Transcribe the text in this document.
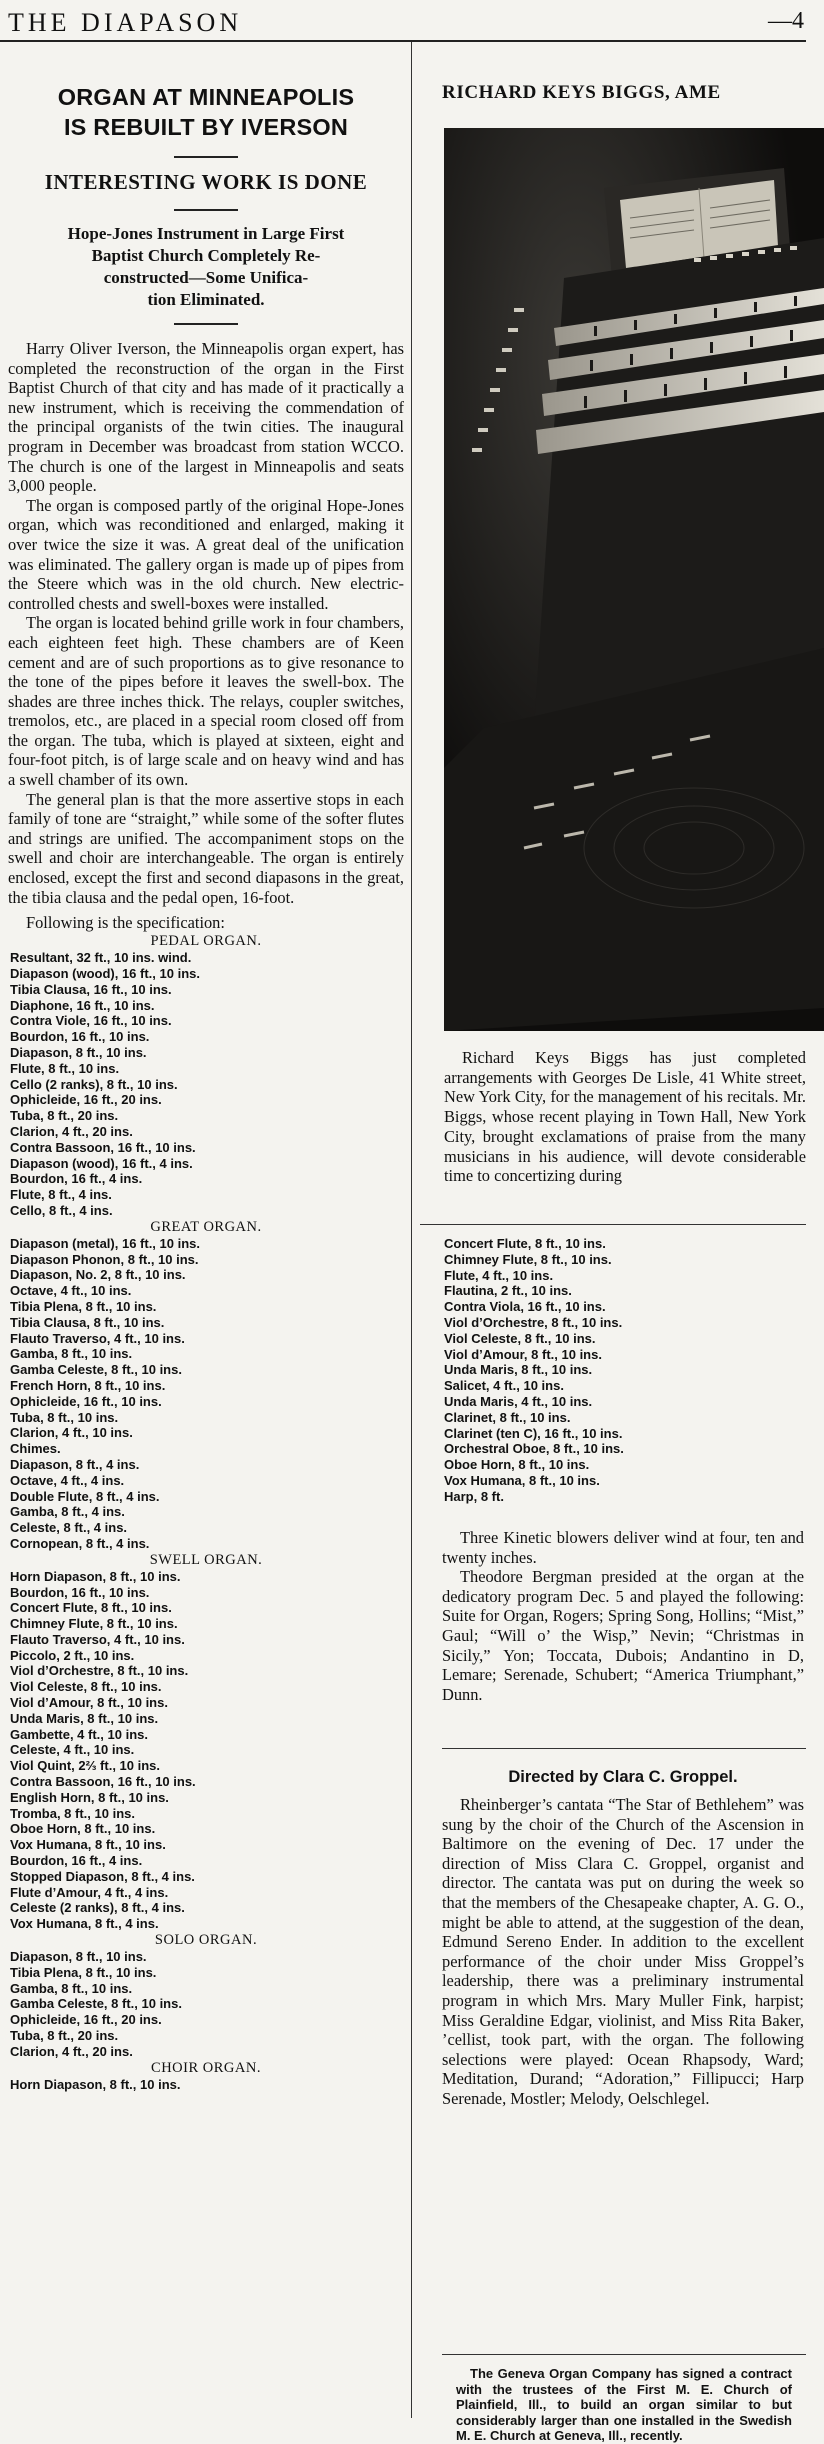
THE DIAPASON	—4
ORGAN AT MINNEAPOLIS
IS REBUILT BY IVERSON
INTERESTING WORK IS DONE
Hope-Jones Instrument in Large First
Baptist Church Completely Re-
constructed—Some Unifica-
tion Eliminated.

Harry Oliver Iverson, the Minneapolis organ expert, has completed the reconstruction of the organ in the First Baptist Church of that city and has made of it practically a new instrument, which is receiving the commendation of the principal organists of the twin cities. The inaugural program in December was broadcast from station WCCO. The church is one of the largest in Minneapolis and seats 3,000 people.

The organ is composed partly of the original Hope-Jones organ, which was reconditioned and enlarged, making it over twice the size it was. A great deal of the unification was eliminated. The gallery organ is made up of pipes from the Steere which was in the old church. New electric-controlled chests and swell-boxes were installed.

The organ is located behind grille work in four chambers, each eighteen feet high. These chambers are of Keen cement and are of such proportions as to give resonance to the tone of the pipes before it leaves the swell-box. The shades are three inches thick. The relays, coupler switches, tremolos, etc., are placed in a special room closed off from the organ. The tuba, which is played at sixteen, eight and four-foot pitch, is of large scale and on heavy wind and has a swell chamber of its own.

The general plan is that the more assertive stops in each family of tone are “straight,” while some of the softer flutes and strings are unified. The accompaniment stops on the swell and choir are interchangeable. The organ is entirely enclosed, except the first and second diapasons in the great, the tibia clausa and the pedal open, 16-foot.

Following is the specification:
PEDAL ORGAN.
Resultant, 32 ft., 10 ins. wind.
Diapason (wood), 16 ft., 10 ins.
Tibia Clausa, 16 ft., 10 ins.
Diaphone, 16 ft., 10 ins.
Contra Viole, 16 ft., 10 ins.
Bourdon, 16 ft., 10 ins.
Diapason, 8 ft., 10 ins.
Flute, 8 ft., 10 ins.
Cello (2 ranks), 8 ft., 10 ins.
Ophicleide, 16 ft., 20 ins.
Tuba, 8 ft., 20 ins.
Clarion, 4 ft., 20 ins.
Contra Bassoon, 16 ft., 10 ins.
Diapason (wood), 16 ft., 4 ins.
Bourdon, 16 ft., 4 ins.
Flute, 8 ft., 4 ins.
Cello, 8 ft., 4 ins.
GREAT ORGAN.
Diapason (metal), 16 ft., 10 ins.
Diapason Phonon, 8 ft., 10 ins.
Diapason, No. 2, 8 ft., 10 ins.
Octave, 4 ft., 10 ins.
Tibia Plena, 8 ft., 10 ins.
Tibia Clausa, 8 ft., 10 ins.
Flauto Traverso, 4 ft., 10 ins.
Gamba, 8 ft., 10 ins.
Gamba Celeste, 8 ft., 10 ins.
French Horn, 8 ft., 10 ins.
Ophicleide, 16 ft., 10 ins.
Tuba, 8 ft., 10 ins.
Clarion, 4 ft., 10 ins.
Chimes.
Diapason, 8 ft., 4 ins.
Octave, 4 ft., 4 ins.
Double Flute, 8 ft., 4 ins.
Gamba, 8 ft., 4 ins.
Celeste, 8 ft., 4 ins.
Cornopean, 8 ft., 4 ins.
SWELL ORGAN.
Horn Diapason, 8 ft., 10 ins.
Bourdon, 16 ft., 10 ins.
Concert Flute, 8 ft., 10 ins.
Chimney Flute, 8 ft., 10 ins.
Flauto Traverso, 4 ft., 10 ins.
Piccolo, 2 ft., 10 ins.
Viol d’Orchestre, 8 ft., 10 ins.
Viol Celeste, 8 ft., 10 ins.
Viol d’Amour, 8 ft., 10 ins.
Unda Maris, 8 ft., 10 ins.
Gambette, 4 ft., 10 ins.
Celeste, 4 ft., 10 ins.
Viol Quint, 2⅔ ft., 10 ins.
Contra Bassoon, 16 ft., 10 ins.
English Horn, 8 ft., 10 ins.
Tromba, 8 ft., 10 ins.
Oboe Horn, 8 ft., 10 ins.
Vox Humana, 8 ft., 10 ins.
Bourdon, 16 ft., 4 ins.
Stopped Diapason, 8 ft., 4 ins.
Flute d’Amour, 4 ft., 4 ins.
Celeste (2 ranks), 8 ft., 4 ins.
Vox Humana, 8 ft., 4 ins.
SOLO ORGAN.
Diapason, 8 ft., 10 ins.
Tibia Plena, 8 ft., 10 ins.
Gamba, 8 ft., 10 ins.
Gamba Celeste, 8 ft., 10 ins.
Ophicleide, 16 ft., 20 ins.
Tuba, 8 ft., 20 ins.
Clarion, 4 ft., 20 ins.
CHOIR ORGAN.
Horn Diapason, 8 ft., 10 ins.
RICHARD KEYS BIGGS, AME
Richard Keys Biggs has just completed arrangements with Georges De Lisle, 41 White street, New York City, for the management of his recitals. Mr. Biggs, whose recent playing in Town Hall, New York City, brought exclamations of praise from the many musicians in his audience, will devote considerable time to concertizing during
Concert Flute, 8 ft., 10 ins.
Chimney Flute, 8 ft., 10 ins.
Flute, 4 ft., 10 ins.
Flautina, 2 ft., 10 ins.
Contra Viola, 16 ft., 10 ins.
Viol d’Orchestre, 8 ft., 10 ins.
Viol Celeste, 8 ft., 10 ins.
Viol d’Amour, 8 ft., 10 ins.
Unda Maris, 8 ft., 10 ins.
Salicet, 4 ft., 10 ins.
Unda Maris, 4 ft., 10 ins.
Clarinet, 8 ft., 10 ins.
Clarinet (ten C), 16 ft., 10 ins.
Orchestral Oboe, 8 ft., 10 ins.
Oboe Horn, 8 ft., 10 ins.
Vox Humana, 8 ft., 10 ins.
Harp, 8 ft.

Three Kinetic blowers deliver wind at four, ten and twenty inches.

Theodore Bergman presided at the organ at the dedicatory program Dec. 5 and played the following: Suite for Organ, Rogers; Spring Song, Hollins; “Mist,” Gaul; “Will o’ the Wisp,” Nevin; “Christmas in Sicily,” Yon; Toccata, Dubois; Andantino in D, Lemare; Serenade, Schubert; “America Triumphant,” Dunn.

Directed by Clara C. Groppel.

Rheinberger’s cantata “The Star of Bethlehem” was sung by the choir of the Church of the Ascension in Baltimore on the evening of Dec. 17 under the direction of Miss Clara C. Groppel, organist and director. The cantata was put on during the week so that the members of the Chesapeake chapter, A. G. O., might be able to attend, at the suggestion of the dean, Edmund Sereno Ender. In addition to the excellent performance of the choir under Miss Groppel’s leadership, there was a preliminary instrumental program in which Mrs. Mary Muller Fink, harpist; Miss Geraldine Edgar, violinist, and Miss Rita Baker, ’cellist, took part, with the organ. The following selections were played: Ocean Rhapsody, Ward; Meditation, Durand; “Adoration,” Fillipucci; Harp Serenade, Mostler; Melody, Oelschlegel.

The Geneva Organ Company has signed a contract with the trustees of the First M. E. Church of Plainfield, Ill., to build an organ similar to but considerably larger than one installed in the Swedish M. E. Church at Geneva, Ill., recently.
